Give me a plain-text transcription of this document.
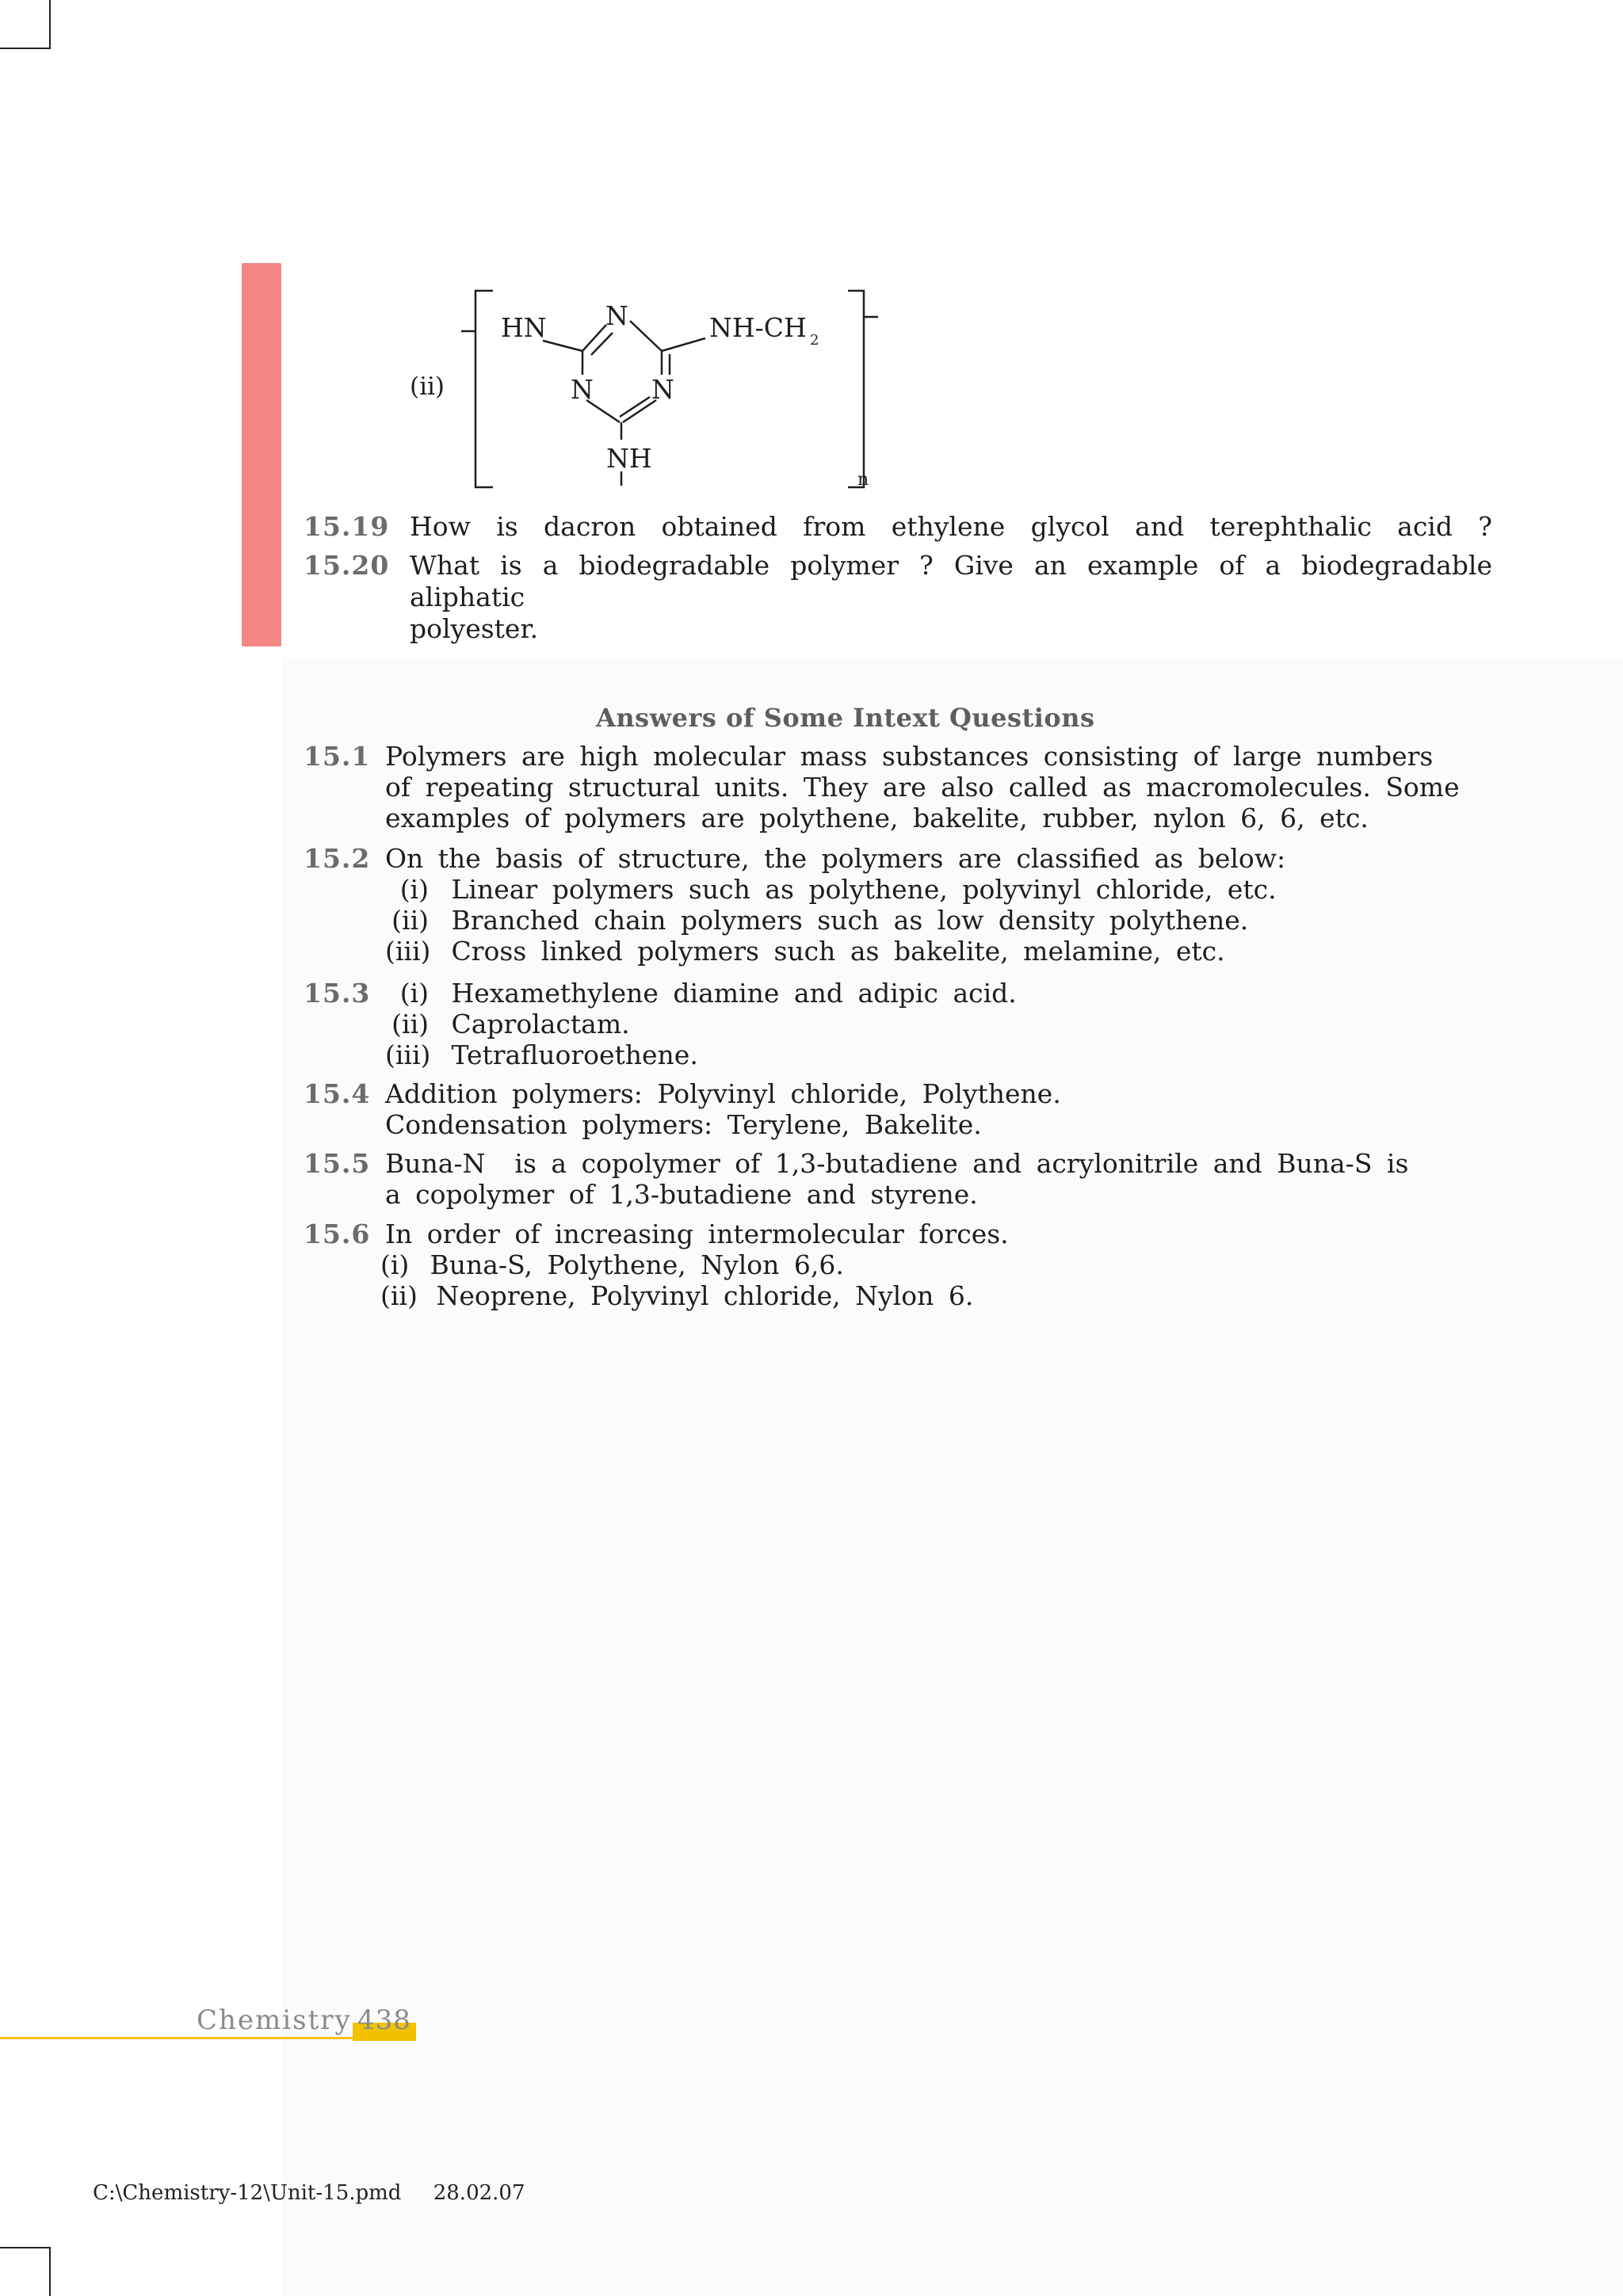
(ii)
HN N	NH-CH 2
N N
NH
n
15.19 How is dacron obtained from ethylene glycol and terephthalic acid ?
15.20 What is a biodegradable polymer ? Give an example of a biodegradable aliphatic
polyester.
Answers of Some Intext Questions
15.1 Polymers are high molecular mass substances consisting of large numbers
of repeating structural units. They are also called as macromolecules. Some
examples of polymers are polythene, bakelite, rubber, nylon 6, 6, etc.
15.2 On the basis of structure, the polymers are classified as below:
(i) Linear polymers such as polythene, polyvinyl chloride, etc.
(ii) Branched chain polymers such as low density polythene.
(iii) Cross linked polymers such as bakelite, melamine, etc.
15.3	(i) Hexamethylene diamine and adipic acid.
(ii) Caprolactam.
(iii) Tetrafluoroethene.
15.4 Addition polymers: Polyvinyl chloride, Polythene.
Condensation polymers: Terylene, Bakelite.
15.5 Buna-N  is a copolymer of 1,3-butadiene and acrylonitrile and Buna-S is
a copolymer of 1,3-butadiene and styrene.
15.6 In order of increasing intermolecular forces.
(i) Buna-S, Polythene, Nylon 6,6.
(ii) Neoprene, Polyvinyl chloride, Nylon 6.
Chemistry 438
C:\Chemistry-12\Unit-15.pmd 28.02.07
